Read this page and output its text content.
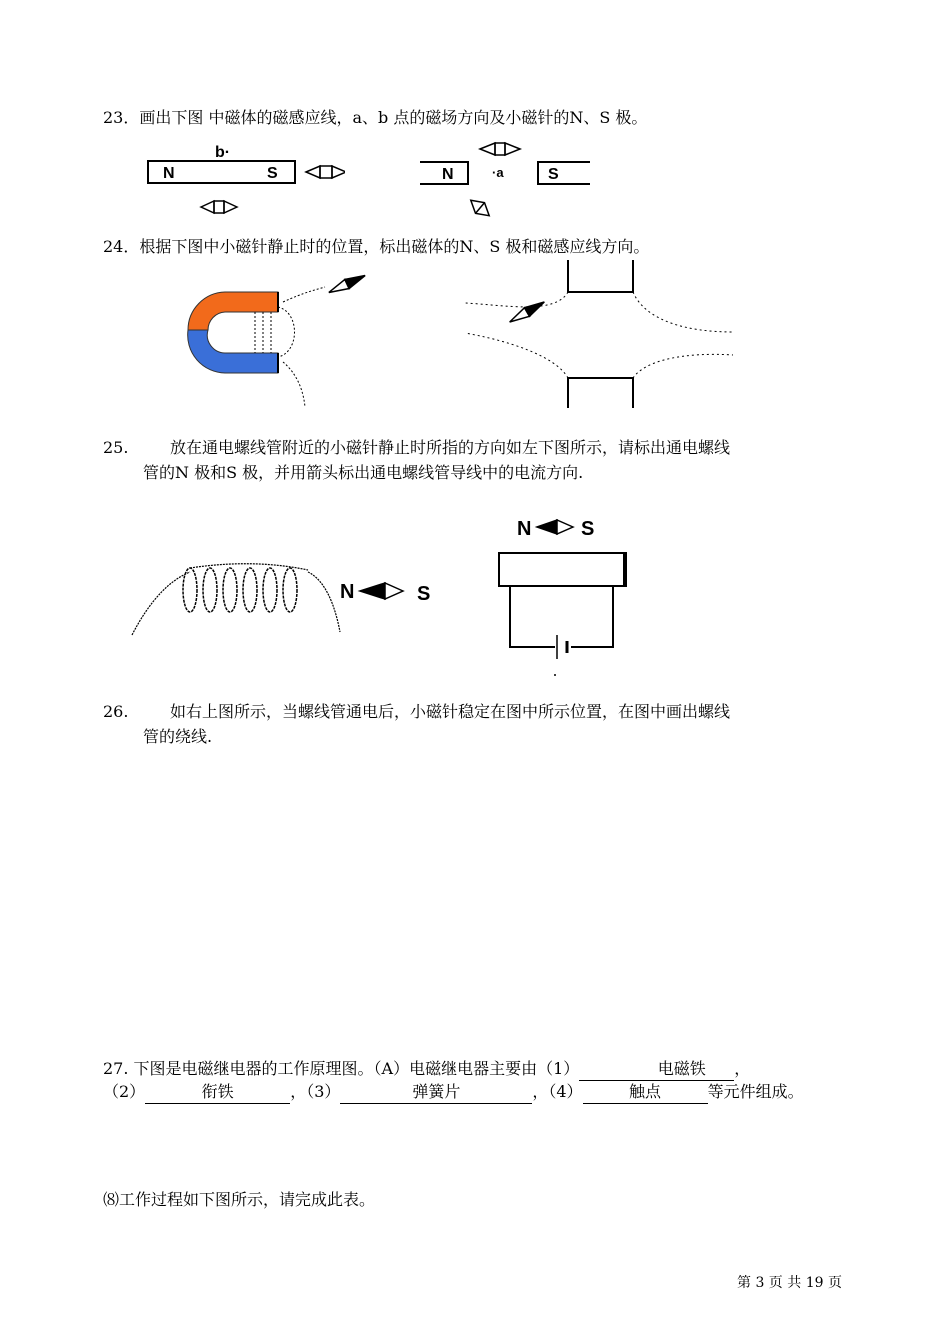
23．画出下图 中磁体的磁感应线，a、b 点的磁场方向及小磁针的N、S 极。
b·
N	S	N	S
·a
24．根据下图中小磁针静止时的位置，标出磁体的N、S 极和磁感应线方向。
25.	放在通电螺线管附近的小磁针静止时所指的方向如左下图所示，请标出通电螺线
管的N 极和S 极，并用箭头标出通电螺线管导线中的电流方向.
N	S
N S
26.	如右上图所示，当螺线管通电后，小磁针稳定在图中所示位置，在图中画出螺线
管的绕线.
27. 下图是电磁继电器的工作原理图。（A）电磁继电器主要由（1）	电磁铁 ，
（2）	衔铁	，（3）	弹簧片	，（4）	触点	等元件组成。
⑻工作过程如下图所示，请完成此表。
第 3 页 共 19 页
